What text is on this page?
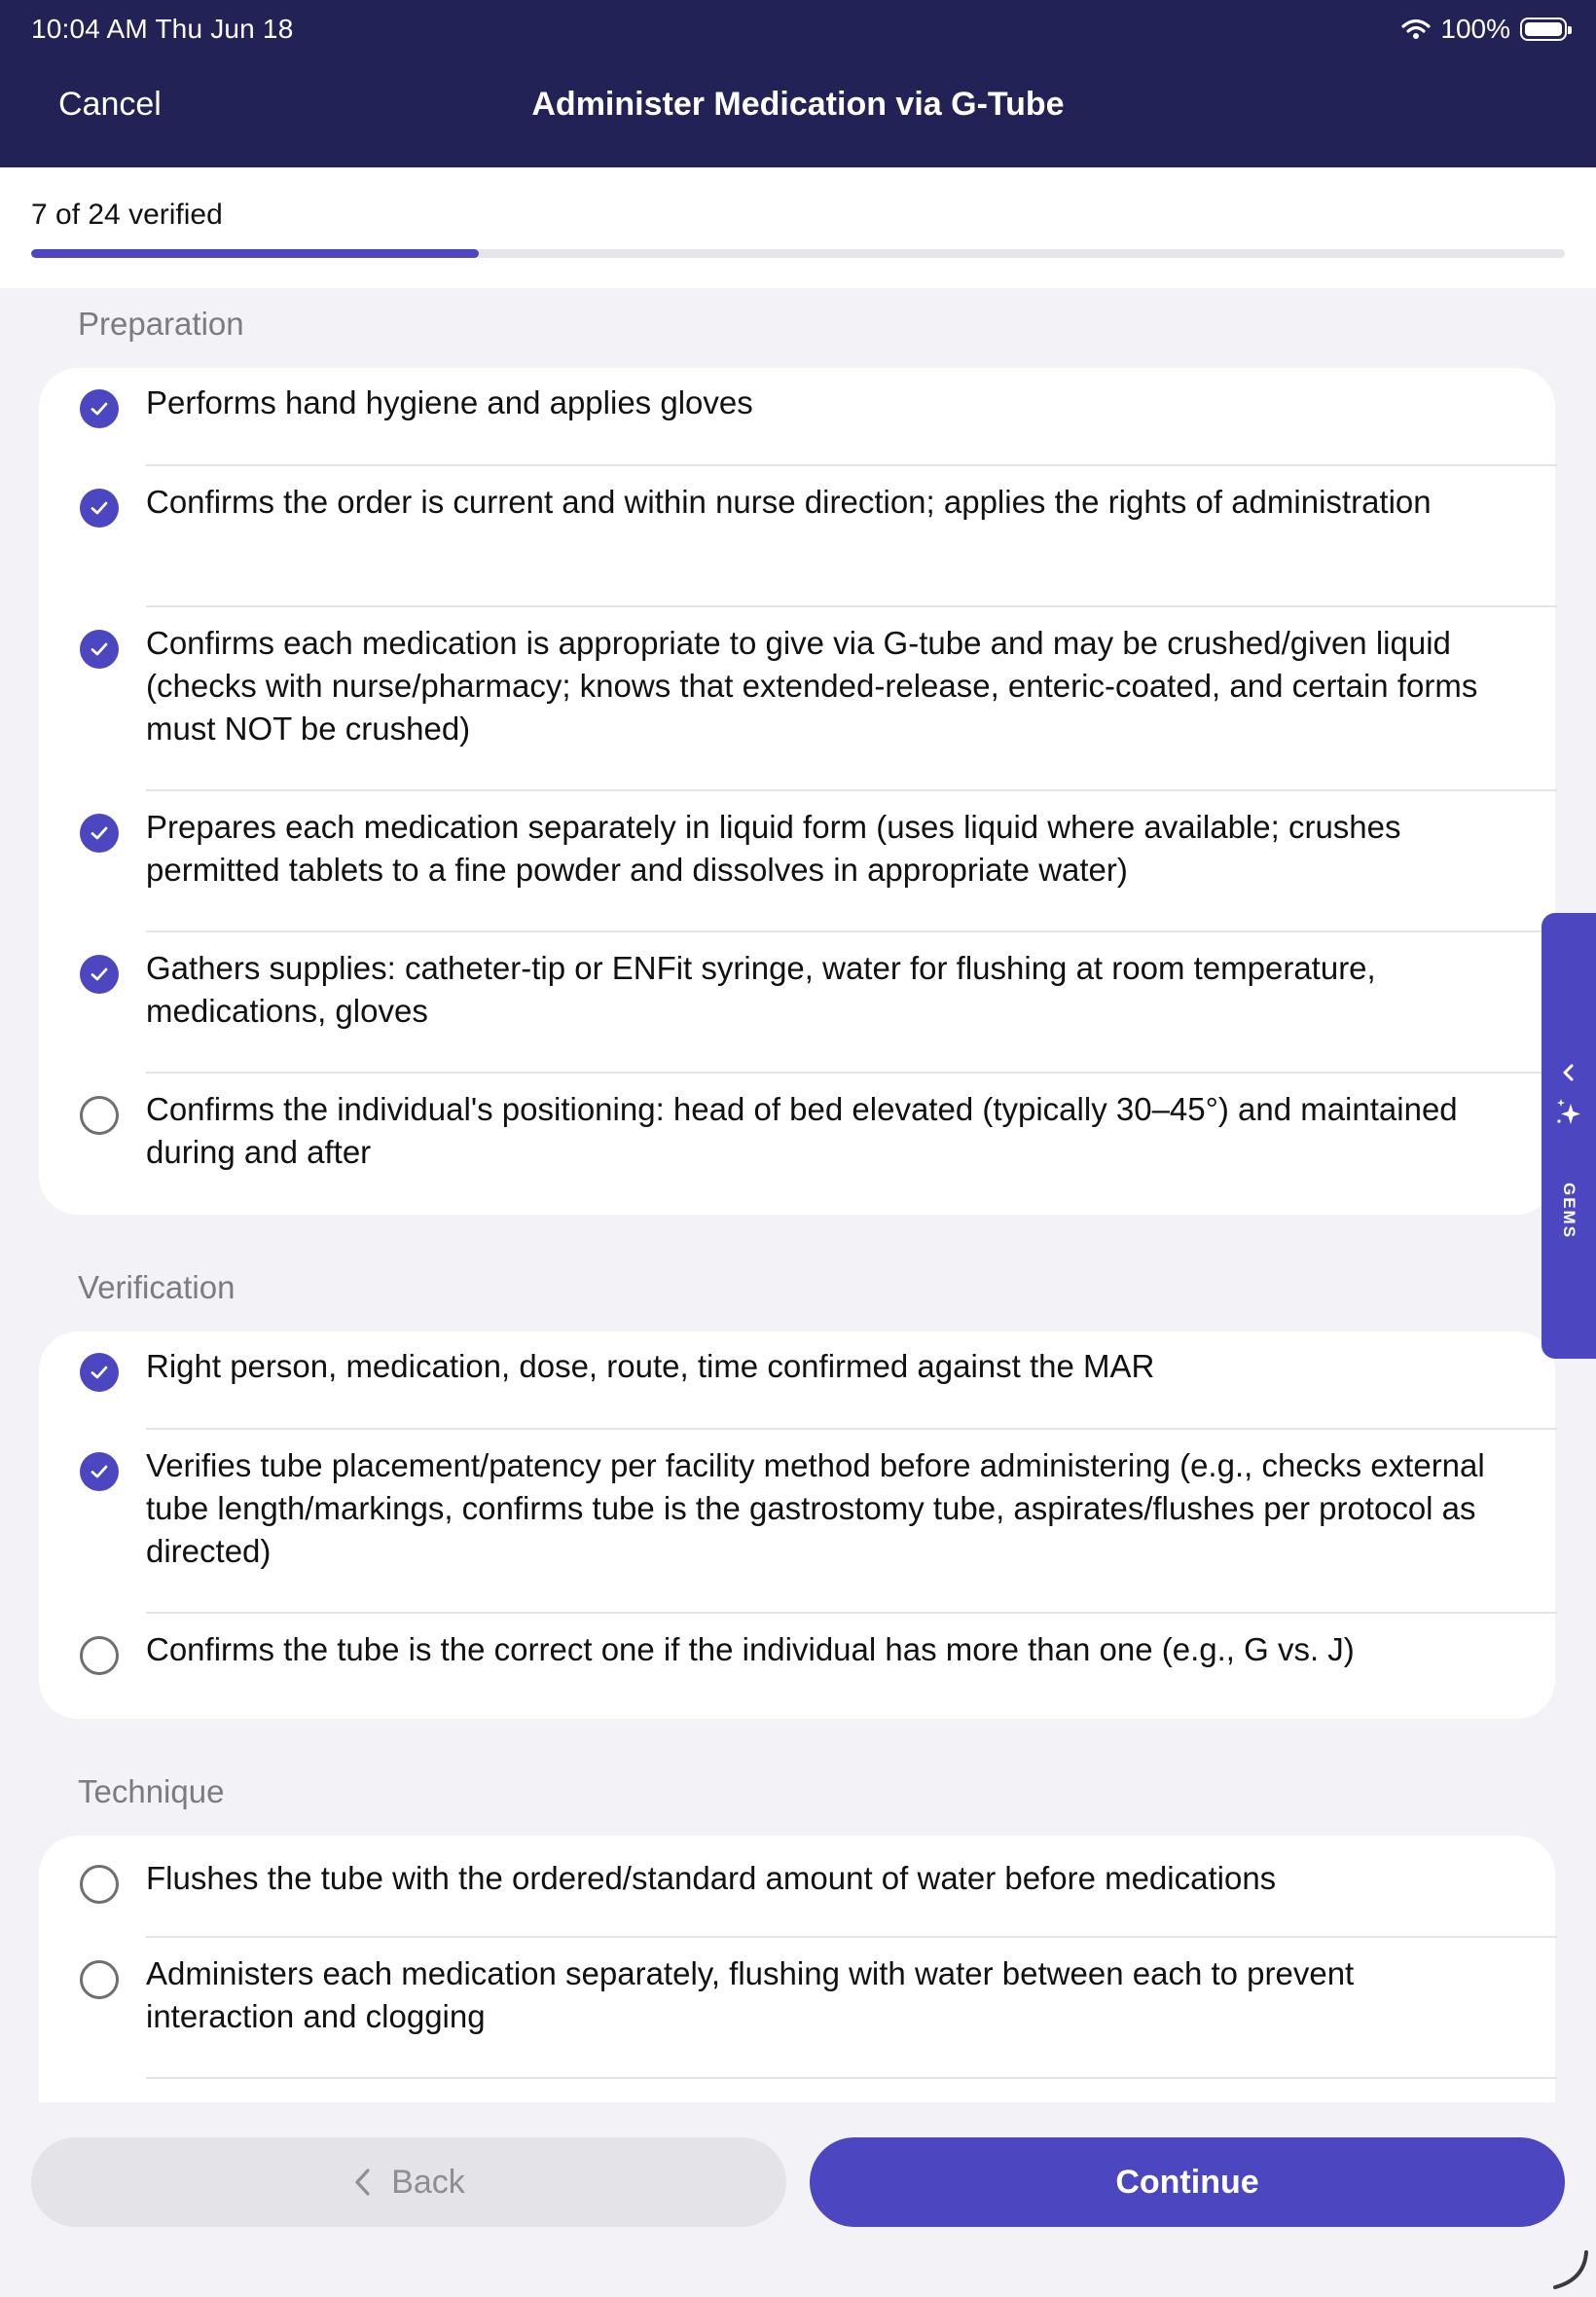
10:04 AM Thu Jun 18	100%
Cancel	Administer Medication via G-Tube
7 of 24 verified
Preparation
Performs hand hygiene and applies gloves
Confirms the order is current and within nurse direction; applies the rights of administration
Confirms each medication is appropriate to give via G-tube and may be crushed/given liquid (checks with nurse/pharmacy; knows that extended-release, enteric-coated, and certain forms must NOT be crushed)
Prepares each medication separately in liquid form (uses liquid where available; crushes permitted tablets to a fine powder and dissolves in appropriate water)
Gathers supplies: catheter-tip or ENFit syringe, water for flushing at room temperature, medications, gloves
Confirms the individual's positioning: head of bed elevated (typically 30–45°) and maintained during and after
Verification
Right person, medication, dose, route, time confirmed against the MAR
Verifies tube placement/patency per facility method before administering (e.g., checks external tube length/markings, confirms tube is the gastrostomy tube, aspirates/flushes per protocol as directed)
Confirms the tube is the correct one if the individual has more than one (e.g., G vs. J)
Technique
Flushes the tube with the ordered/standard amount of water before medications
Administers each medication separately, flushing with water between each to prevent interaction and clogging
GEMS
Back	Continue
